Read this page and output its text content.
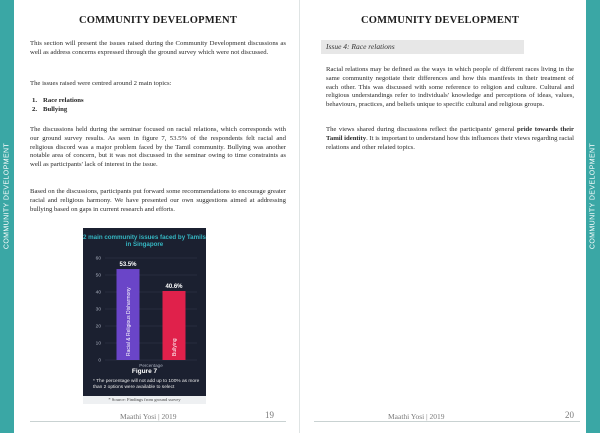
COMMUNITY DEVELOPMENT	COMMUNITY DEVELOPMENT
COMMUNITY DEVELOPMENT

This section will present the issues raised during the Community Development discussions as well as address concerns expressed through the ground survey which were not discussed.

The issues raised were centred around 2 main topics:

1. Race relations
2. Bullying

The discussions held during the seminar focused on racial relations, which corresponds with our ground survey results. As seen in figure 7, 53.5% of the respondents felt racial and religious discord was a major problem faced by the Tamil community. Bullying was another notable area of concern, but it was not discussed in the seminar owing to time constraints as well as participants' lack of interest in the issue.

Based on the discussions, participants put forward some recommendations to encourage greater racial and religious harmony. We have presented our own suggestions aimed at addressing bullying based on gaps in current research and efforts.

2 main community issues faced by Tamils in Singapore
0
10
20
30
40
50
60
Percentage
53.5%
Racial & Religious Disharmony
40.6%
Bullying
Figure 7
* The percentage will not add up to 100% as more than 2 options were available to select
* Source: Findings from ground survey
Maathi Yosi | 2019	19
COMMUNITY DEVELOPMENT
Issue 4: Race relations

Racial relations may be defined as the ways in which people of different races living in the same community negotiate their differences and how this manifests in their treatment of each other. This was discussed with some reference to religion and culture. Cultural and religious understandings refer to individuals' knowledge and perceptions of ideas, values, behaviours, practices, and beliefs unique to specific cultural and religious groups.

The views shared during discussions reflect the participants' general pride towards their Tamil identity. It is important to understand how this influences their views regarding racial relations and other related topics.

Maathi Yosi | 2019	20
